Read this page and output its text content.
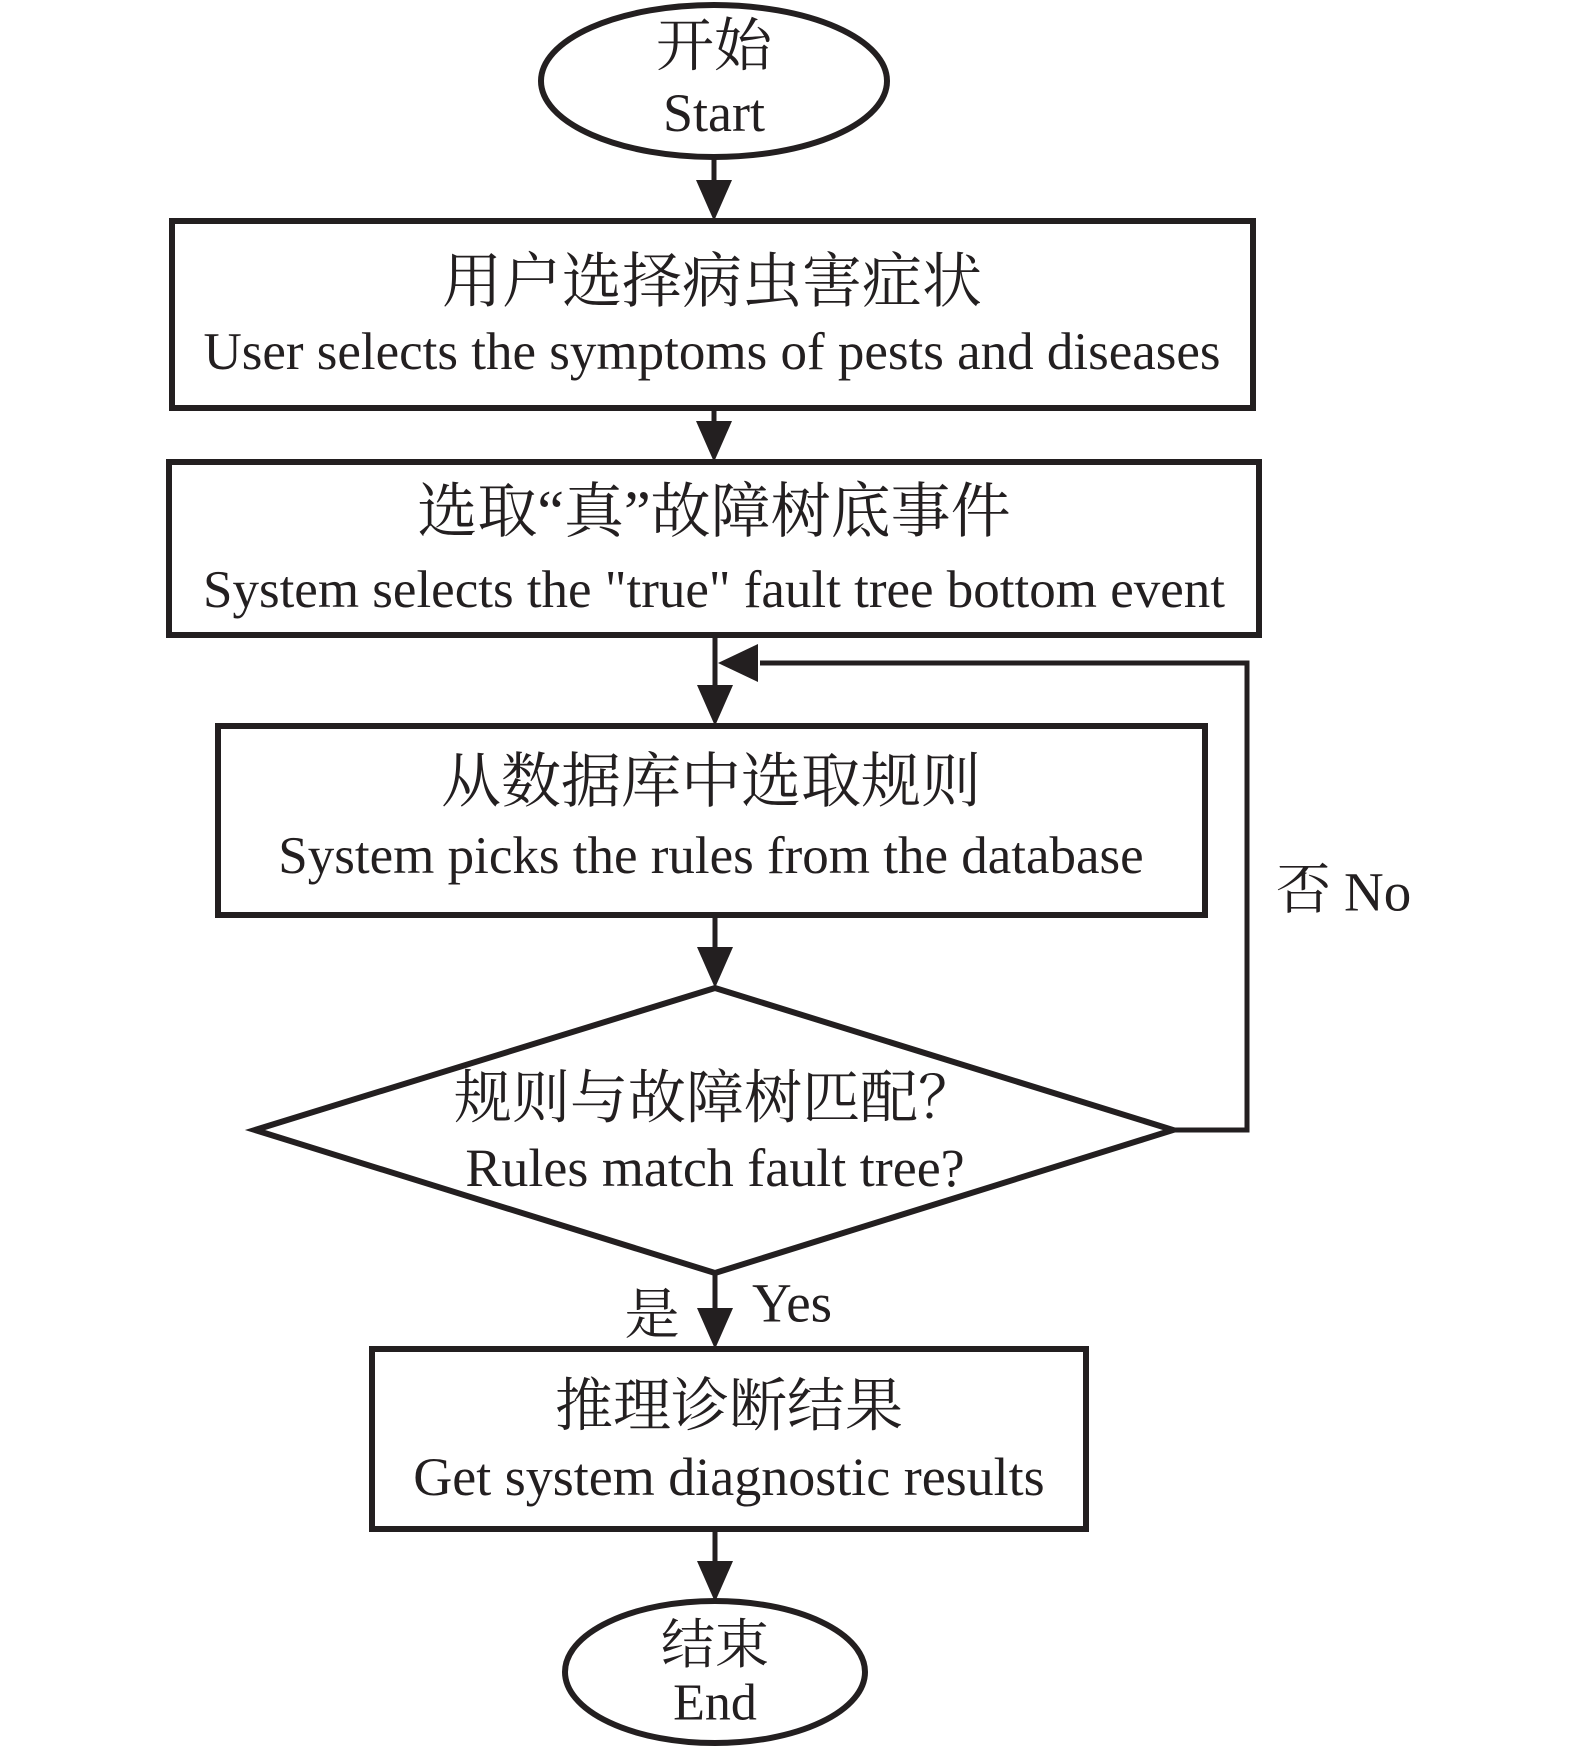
开始
Start
用户选择病虫害症状
User selects the symptoms of pests and diseases
选取“真”故障树底事件
System selects the "true" fault tree bottom event
否 No
从数据库中选取规则
System picks the rules from the database
规则与故障树匹配？
Rules match fault tree?
是 Yes
推理诊断结果
Get system diagnostic results
结束
End
